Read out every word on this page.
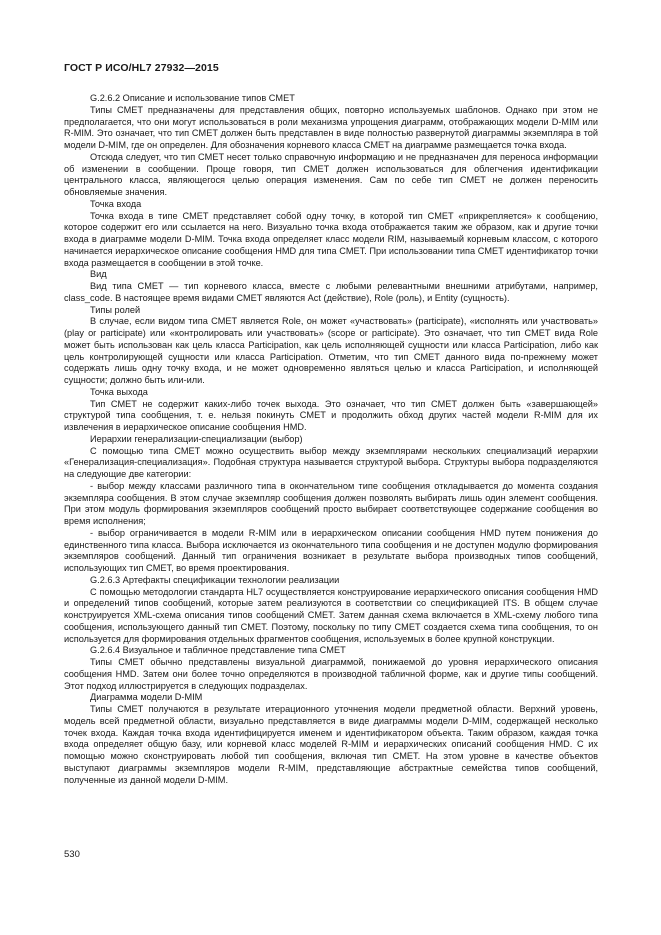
ГОСТ Р ИСО/HL7 27932—2015

G.2.6.2 Описание и использование типов CMET

Типы CMET предназначены для представления общих, повторно используемых шаблонов. Однако при этом не предполагается, что они могут использоваться в роли механизма упрощения диаграмм, отображающих модели D-MIM или R-MIM. Это означает, что тип CMET должен быть представлен в виде полностью развернутой диаграммы экземпляра в той модели D-MIM, где он определен. Для обозначения корневого класса CMET на диаграмме размещается точка входа.

Отсюда следует, что тип CMET несет только справочную информацию и не предназначен для переноса информации об изменении в сообщении. Проще говоря, тип CMET должен использоваться для облегчения идентификации центрального класса, являющегося целью операция изменения. Сам по себе тип CMET не должен переносить обновляемые значения.

Точка входа

Точка входа в типе CMET представляет собой одну точку, в которой тип CMET «прикрепляется» к сообщению, которое содержит его или ссылается на него. Визуально точка входа отображается таким же образом, как и другие точки входа в диаграмме модели D-MIM. Точка входа определяет класс модели RIM, называемый корневым классом, с которого начинается иерархическое описание сообщения HMD для типа CMET. При использовании типа CMET идентификатор точки входа размещается в сообщении в этой точке.

Вид

Вид типа CMET — тип корневого класса, вместе с любыми релевантными внешними атрибутами, например, class_code. В настоящее время видами CMET являются Act (действие), Role (роль), и Entity (сущность).

Типы ролей

В случае, если видом типа CMET является Role, он может «участвовать» (participate), «исполнять или участвовать» (play or participate) или «контролировать или участвовать» (scope or participate). Это означает, что тип CMET вида Role может быть использован как цель класса Participation, как цель исполняющей сущности или класса Participation, либо как цель контролирующей сущности или класса Participation. Отметим, что тип CMET данного вида по-прежнему может содержать лишь одну точку входа, и не может одновременно являться целью и класса Participation, и исполняющей сущности; должно быть или-или.

Точка выхода

Тип CMET не содержит каких-либо точек выхода. Это означает, что тип CMET должен быть «завершающей» структурой типа сообщения, т. е. нельзя покинуть CMET и продолжить обход других частей модели R-MIM для их извлечения в иерархическое описание сообщения HMD.

Иерархии генерализации-специализации (выбор)

С помощью типа CMET можно осуществить выбор между экземплярами нескольких специализаций иерархии «Генерализация-специализация». Подобная структура называется структурой выбора. Структуры выбора подразделяются на следующие две категории:

- выбор между классами различного типа в окончательном типе сообщения откладывается до момента создания экземпляра сообщения. В этом случае экземпляр сообщения должен позволять выбирать лишь один элемент сообщения. При этом модуль формирования экземпляров сообщений просто выбирает соответствующее содержание сообщения во время исполнения;

- выбор ограничивается в модели R-MIM или в иерархическом описании сообщения HMD путем понижения до единственного типа класса. Выбора исключается из окончательного типа сообщения и не доступен модулю формирования экземпляров сообщений. Данный тип ограничения возникает в результате выбора производных типов сообщений, использующих тип CMET, во время проектирования.

G.2.6.3 Артефакты спецификации технологии реализации

С помощью методологии стандарта HL7 осуществляется конструирование иерархического описания сообщения HMD и определений типов сообщений, которые затем реализуются в соответствии со спецификацией ITS. В общем случае конструируется XML-схема описания типов сообщений CMET. Затем данная схема включается в XML-схему любого типа сообщения, использующего данный тип CMET. Поэтому, поскольку по типу CMET создается схема типа сообщения, то он используется для формирования отдельных фрагментов сообщения, используемых в более крупной конструкции.

G.2.6.4 Визуальное и табличное представление типа CMET

Типы CMET обычно представлены визуальной диаграммой, понижаемой до уровня иерархического описания сообщения HMD. Затем они более точно определяются в производной табличной форме, как и другие типы сообщений. Этот подход иллюстрируется в следующих подразделах.

Диаграмма модели D-MIM

Типы CMET получаются в результате итерационного уточнения модели предметной области. Верхний уровень, модель всей предметной области, визуально представляется в виде диаграммы модели D-MIM, содержащей несколько точек входа. Каждая точка входа идентифицируется именем и идентификатором объекта. Таким образом, каждая точка входа определяет общую базу, или корневой класс моделей R-MIM и иерархических описаний сообщения HMD. С их помощью можно сконструировать любой тип сообщения, включая тип CMET. На этом уровне в качестве объектов выступают диаграммы экземпляров модели R-MIM, представляющие абстрактные семейства типов сообщений, полученные из данной модели D-MIM.

530
